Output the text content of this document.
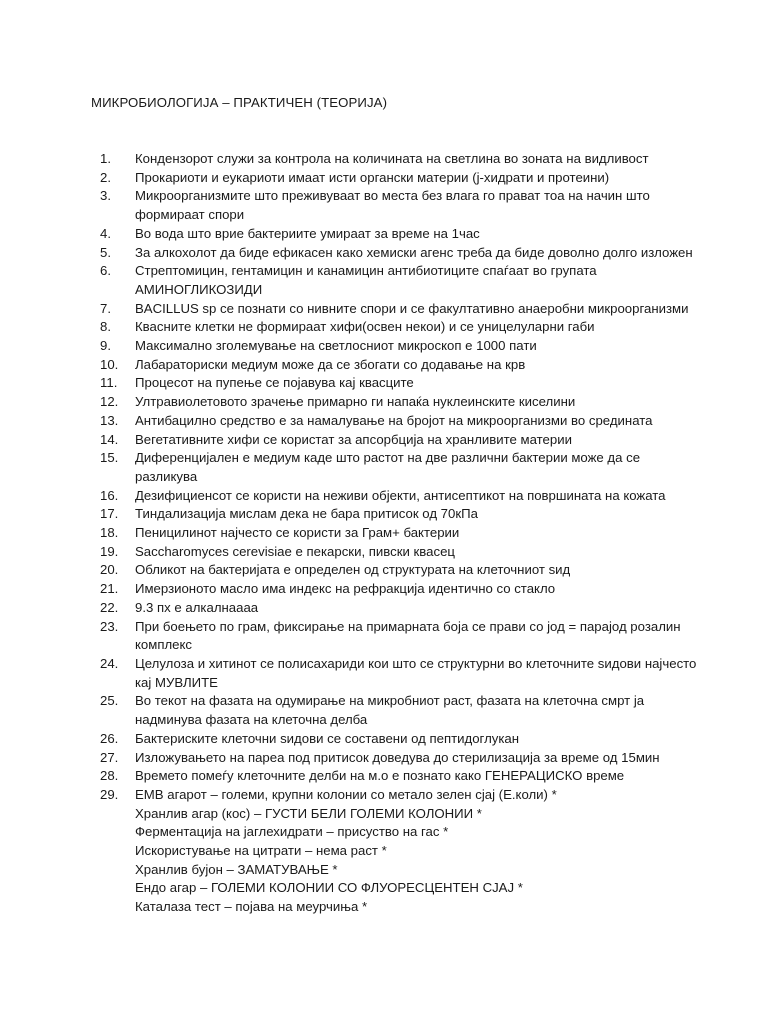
МИКРОБИОЛОГИЈА – ПРАКТИЧЕН (ТЕОРИЈА)
1.	Кондензорот служи за контрола на количината на светлина во зоната на видливост
2.	Прокариоти и еукариоти имаат исти органски материи (ј-хидрати и протеини)
3.	Микроорганизмите што преживуваат во места без влага го прават тоа на начин што
формираат спори
4.	Во вода што врие бактериите умираат за време на 1час
5.	За алкохолот да биде ефикасен како хемиски агенс треба да биде доволно долго изложен
6.	Стрептомицин, гентамицин и канамицин антибиотиците спаѓаат во групата
АМИНОГЛИКОЗИДИ
7.	BACILLUS sp се познати со нивните спори и се факултативно анаеробни микроорганизми
8.	Квасните клетки не формираат хифи(освен некои) и се уницелуларни габи
9.	Максимално зголемување на светлосниот микроскоп е 1000 пати
10.	Лабараториски медиум може да се збогати со додавање на крв
11.	Процесот на пупење се појавува кај квасците
12.	Ултравиолетовото зрачење примарно ги напаќа нуклеинските киселини
13.	Антибацилно средство е за намалување на бројот на микроорганизми во средината
14.	Вегетативните хифи се користат за апсорбција на хранливите материи
15.	Диференцијален е медиум каде што растот на две различни бактерии може да се
разликува
16.	Дезифициенсот се користи на неживи објекти, антисептикот на површината на кожата
17.	Тиндализација мислам дека не бара притисок од 70кПа
18.	Пеницилинот најчесто се користи за Грам+ бактерии
19.	Saccharomyces cerevisiae е пекарски, пивски квасец
20.	Обликот на бактеријата е определен од структурата на клеточниот ѕид
21.	Имерзионото масло има индекс на рефракција идентично со стакло
22.	9.3 пх е алкалнаааа
23.	При боењето по грам, фиксирање на примарната боја се прави со јод = парајод розалин
комплекс
24.	Целулоза и хитинот се полисахариди кои што се структурни во клеточните ѕидови најчесто
кај МУВЛИТЕ
25.	Во текот на фазата на одумирање на микробниот раст, фазата на клеточна смрт ја
надминува фазата на клеточна делба
26.	Бактериските клеточни ѕидови се составени од пептидоглукан
27.	Изложувањето на пареа под притисок доведува до стерилизација за време од 15мин
28.	Времето помеѓу клеточните делби на м.о е познато како ГЕНЕРАЦИСКО време
29.	ЕМВ агарот – големи, крупни колонии со метало зелен сјај (Е.коли) *
Хранлив агар (кос) – ГУСТИ БЕЛИ ГОЛЕМИ КОЛОНИИ *
Ферментација на јаглехидрати – присуство на гас *
Искористување на цитрати – нема раст *
Хранлив бујон – ЗАМАТУВАЊЕ *
Ендо агар – ГОЛЕМИ КОЛОНИИ СО ФЛУОРЕСЦЕНТЕН СЈАЈ *
Каталаза тест – појава на меурчиња *
